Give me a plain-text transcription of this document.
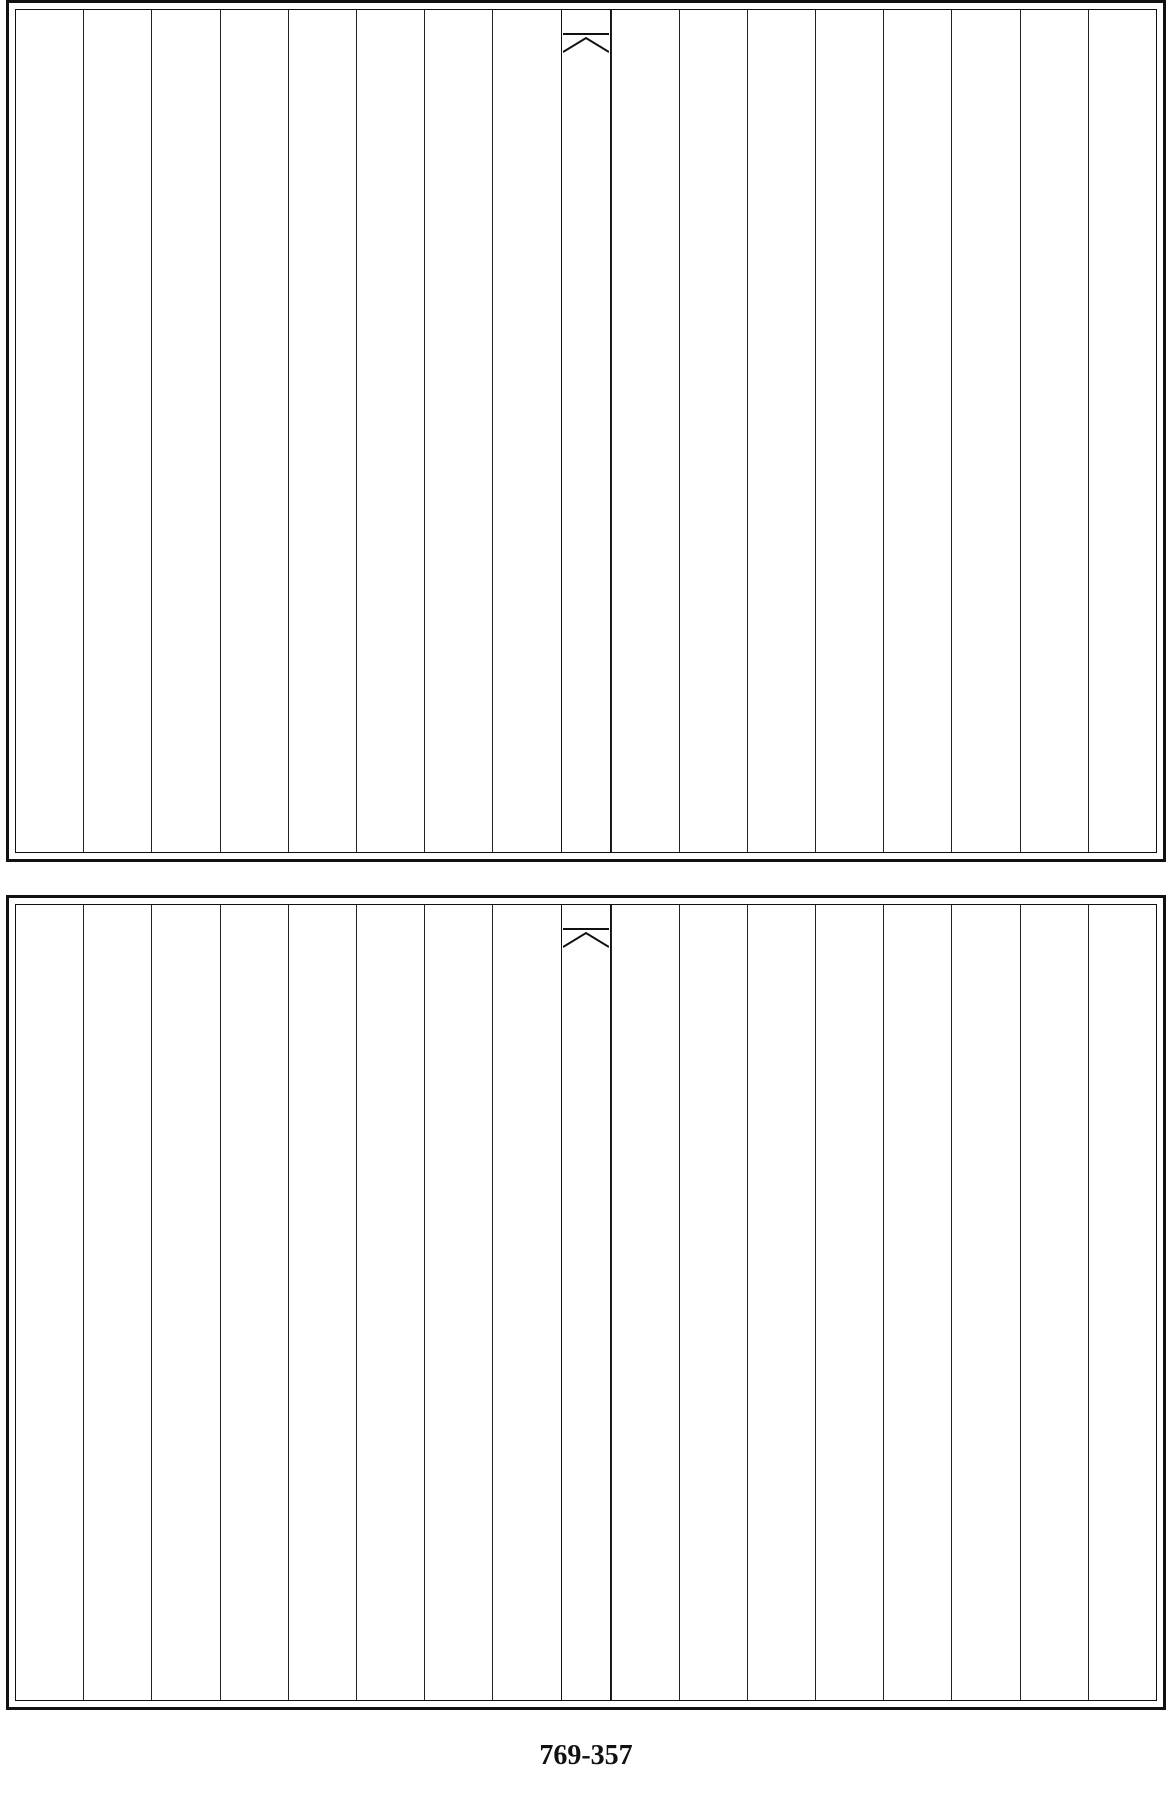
769-357
